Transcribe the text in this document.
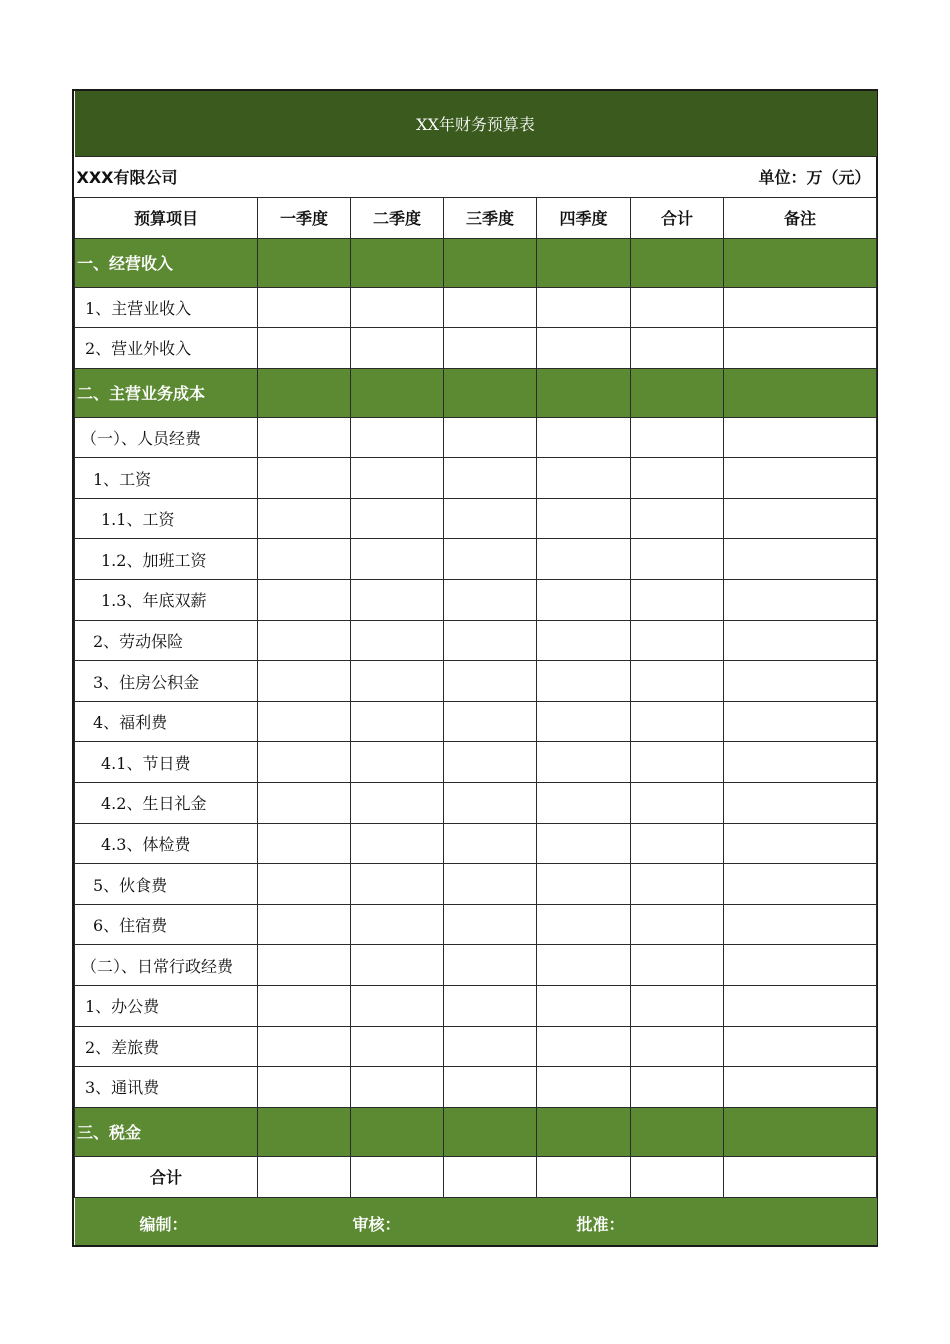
XX年财务预算表						
XXX有限公司				单位：万（元）		
预算项目	一季度	二季度	三季度	四季度	合计	备注
一、经营收入						
1、主营业收入						
2、营业外收入						
二、主营业务成本						
（一）、人员经费						
1、工资						
1.1、工资						
1.2、加班工资						
1.3、年底双薪						
2、劳动保险						
3、住房公积金						
4、福利费						
4.1、节日费						
4.2、生日礼金						
4.3、体检费						
5、伙食费						
6、住宿费						
（二）、日常行政经费						
1、办公费						
2、差旅费						
3、通讯费						
三、税金						
合计						

编制： 审核： 批准：						
